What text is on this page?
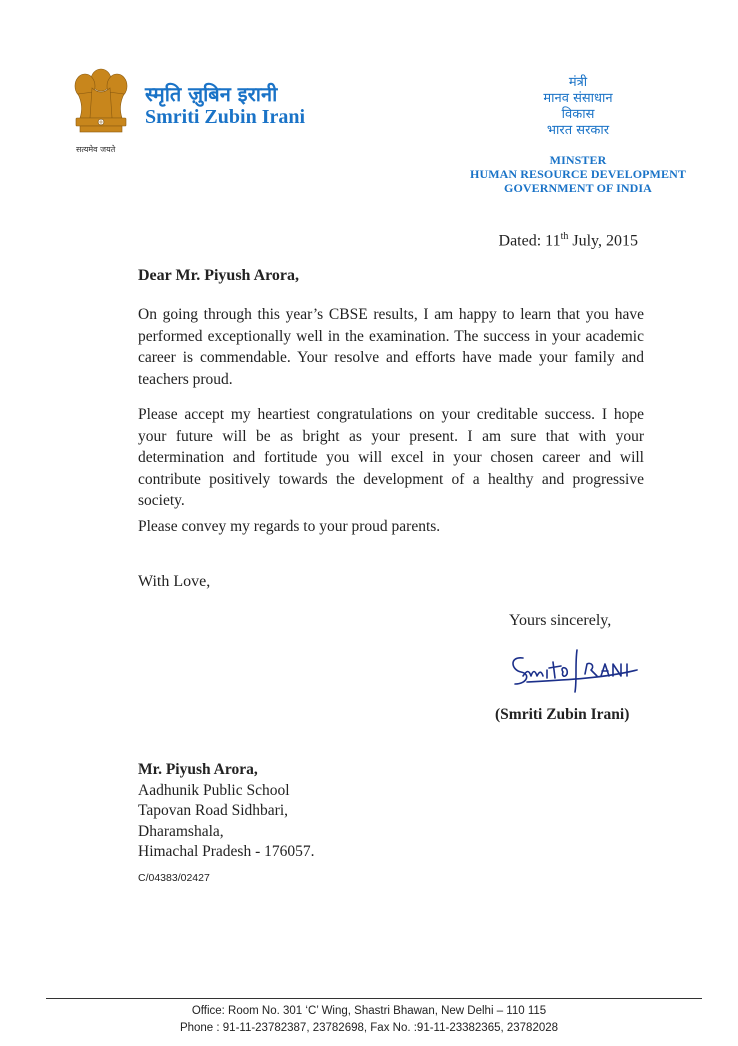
सत्यमेव जयते
स्मृति ज़ुबिन इरानी
Smriti Zubin Irani
मंत्री
मानव संसाधान
विकास
भारत सरकार
MINSTER
HUMAN RESOURCE DEVELOPMENT
GOVERNMENT OF INDIA
Dated: 11th July, 2015
Dear Mr. Piyush Arora,
On going through this year’s CBSE results, I am happy to learn that you have performed exceptionally well in the examination. The success in your academic career is commendable. Your resolve and efforts have made your family and teachers proud.
Please accept my heartiest congratulations on your creditable success. I hope your future will be as bright as your present. I am sure that with your determination and fortitude you will excel in your chosen career and will contribute positively towards the development of a healthy and progressive society.
Please convey my regards to your proud parents.
With Love,
Yours sincerely,
(Smriti Zubin Irani)
Mr. Piyush Arora,
Aadhunik Public School
Tapovan Road Sidhbari,
Dharamshala,
Himachal Pradesh - 176057.
C/04383/02427
Office: Room No. 301 ‘C’ Wing, Shastri Bhawan, New Delhi – 110 115
Phone : 91-11-23782387, 23782698, Fax No. :91-11-23382365, 23782028
